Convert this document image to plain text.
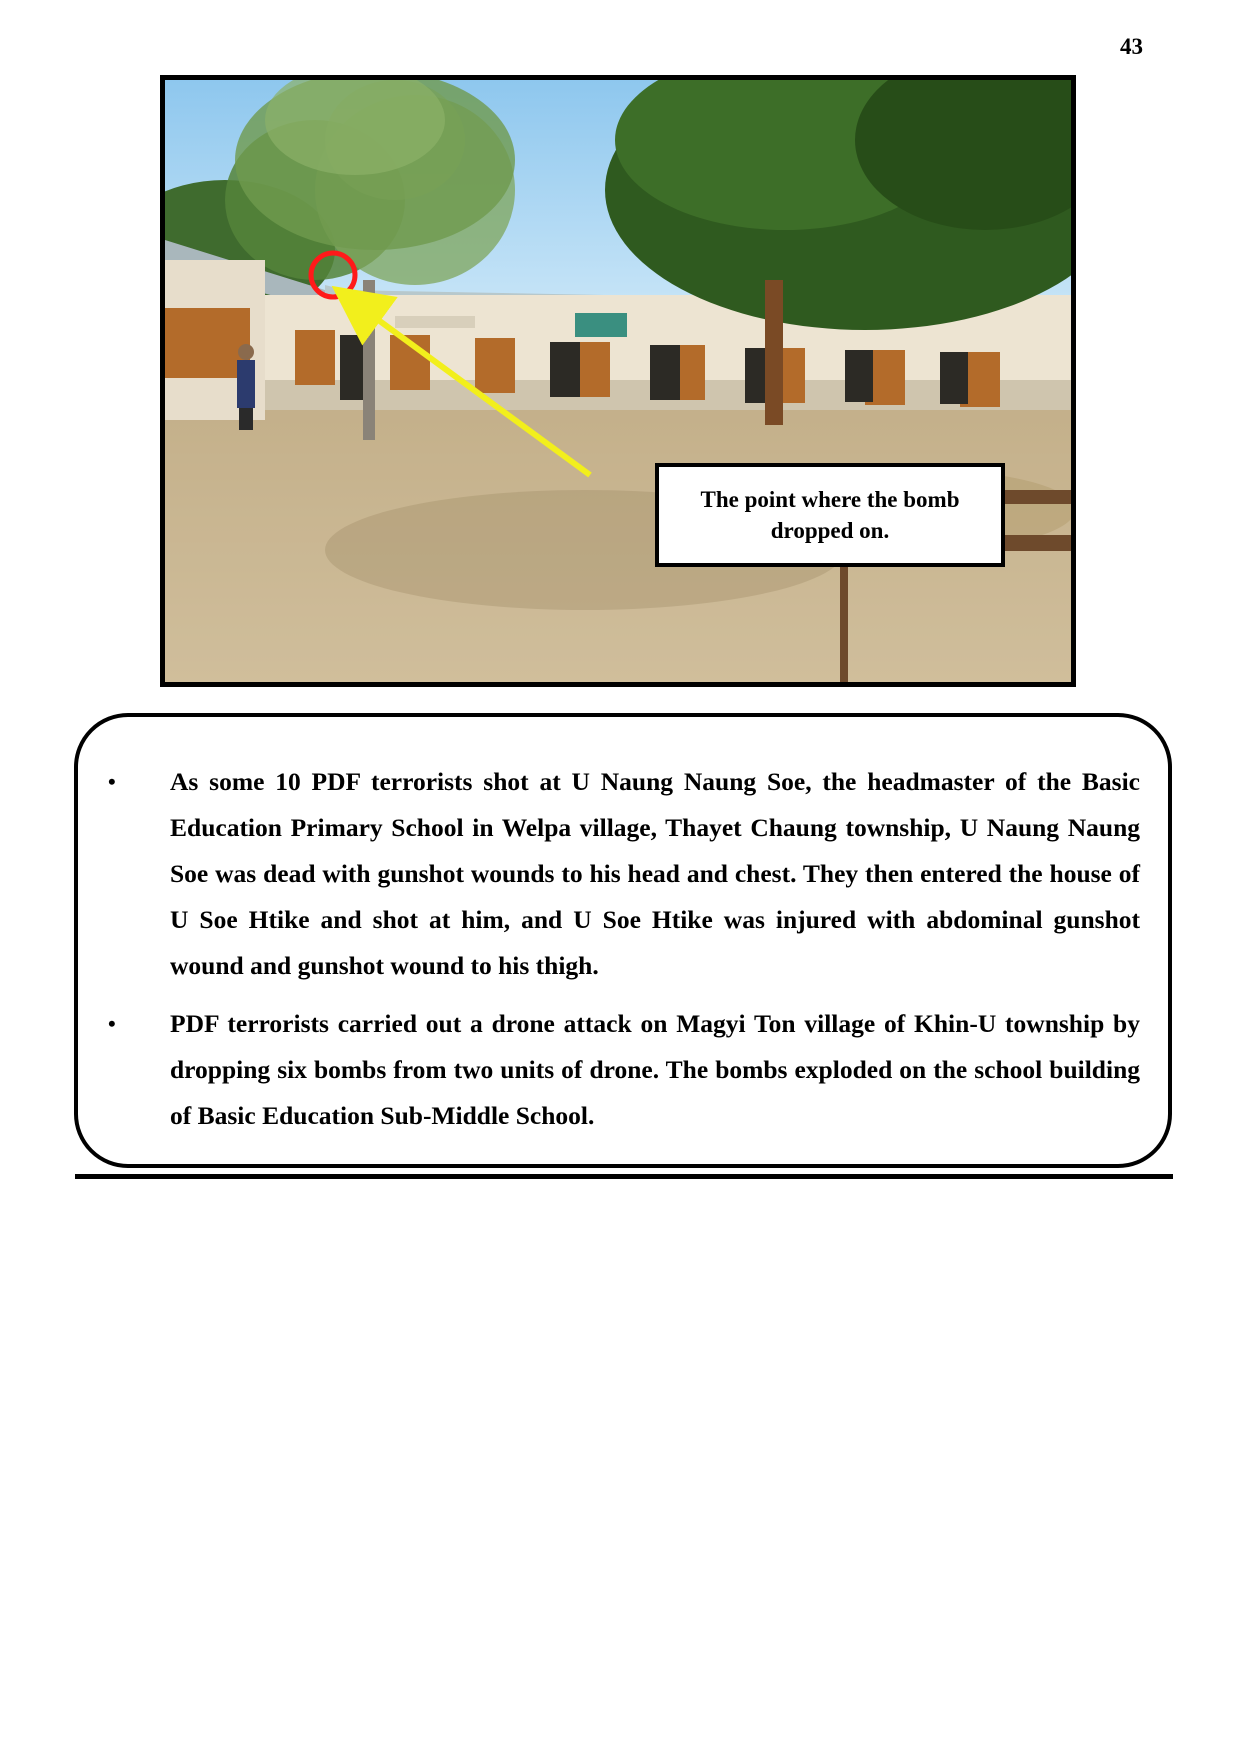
43
The point where the bomb dropped on.
• As some 10 PDF terrorists shot at U Naung Naung Soe, the headmaster of the Basic Education Primary School in Welpa village, Thayet Chaung township, U Naung Naung Soe was dead with gunshot wounds to his head and chest. They then entered the house of U Soe Htike and shot at him, and U Soe Htike was injured with abdominal gunshot wound and gunshot wound to his thigh.
• PDF terrorists carried out a drone attack on Magyi Ton village of Khin-U township by dropping six bombs from two units of drone. The bombs exploded on the school building of Basic Education Sub-Middle School.
